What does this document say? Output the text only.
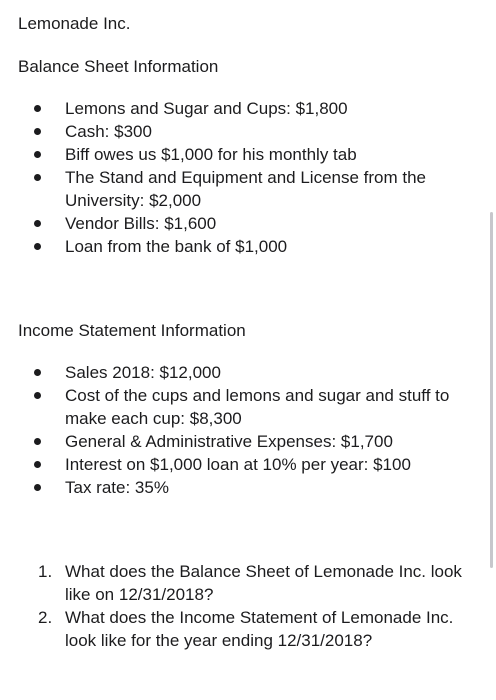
Lemonade Inc.

Balance Sheet Information

Lemons and Sugar and Cups: $1,800
Cash: $300
Biff owes us $1,000 for his monthly tab
The Stand and Equipment and License from the University: $2,000
Vendor Bills: $1,600
Loan from the bank of $1,000

Income Statement Information

Sales 2018: $12,000
Cost of the cups and lemons and sugar and stuff to make each cup: $8,300
General & Administrative Expenses: $1,700
Interest on $1,000 loan at 10% per year: $100
Tax rate: 35%
1. What does the Balance Sheet of Lemonade Inc. look like on 12/31/2018?
2. What does the Income Statement of Lemonade Inc. look like for the year ending 12/31/2018?
